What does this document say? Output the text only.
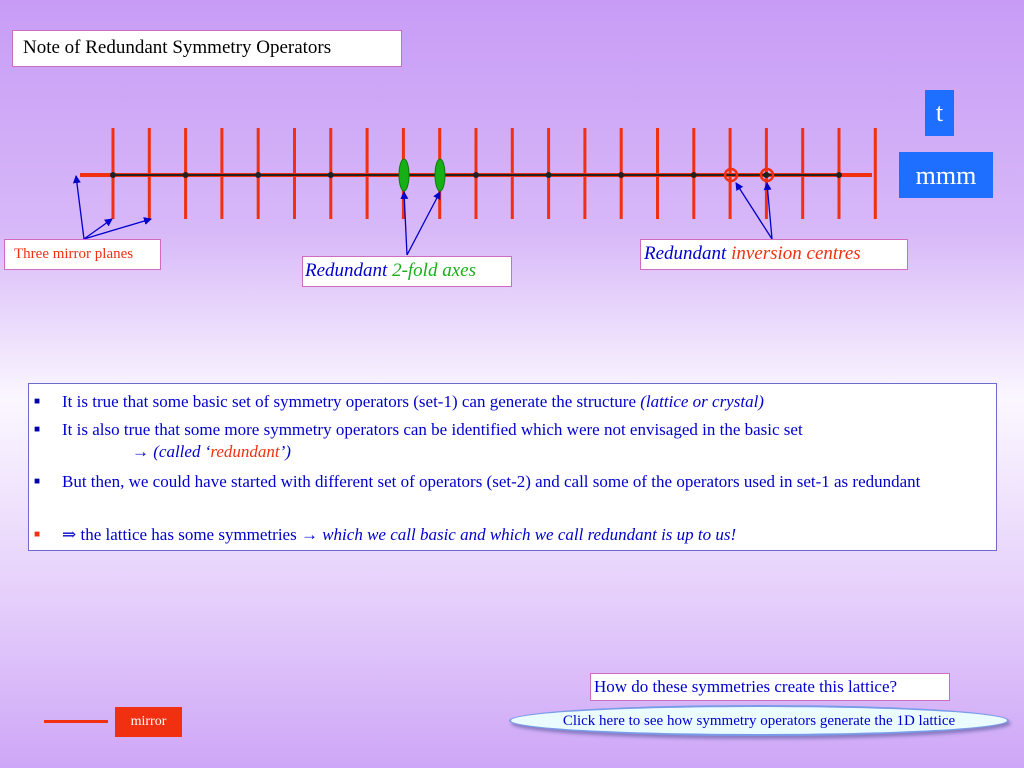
Note of Redundant Symmetry Operators
t
mmm
Three mirror planes
Redundant 2-fold axes
Redundant inversion centres
■	It is true that some basic set of symmetry operators (set-1) can generate the structure (lattice or crystal)
■	It is also true that some more symmetry operators can be identified which were not envisaged in the basic set
→ (called ‘redundant’)
■	But then, we could have started with different set of operators (set-2) and call some of the operators used in set-1 as redundant
■	⇒ the lattice has some symmetries → which we call basic and which we call redundant is up to us!
How do these symmetries create this lattice?
Click here to see how symmetry operators generate the 1D lattice
mirror
